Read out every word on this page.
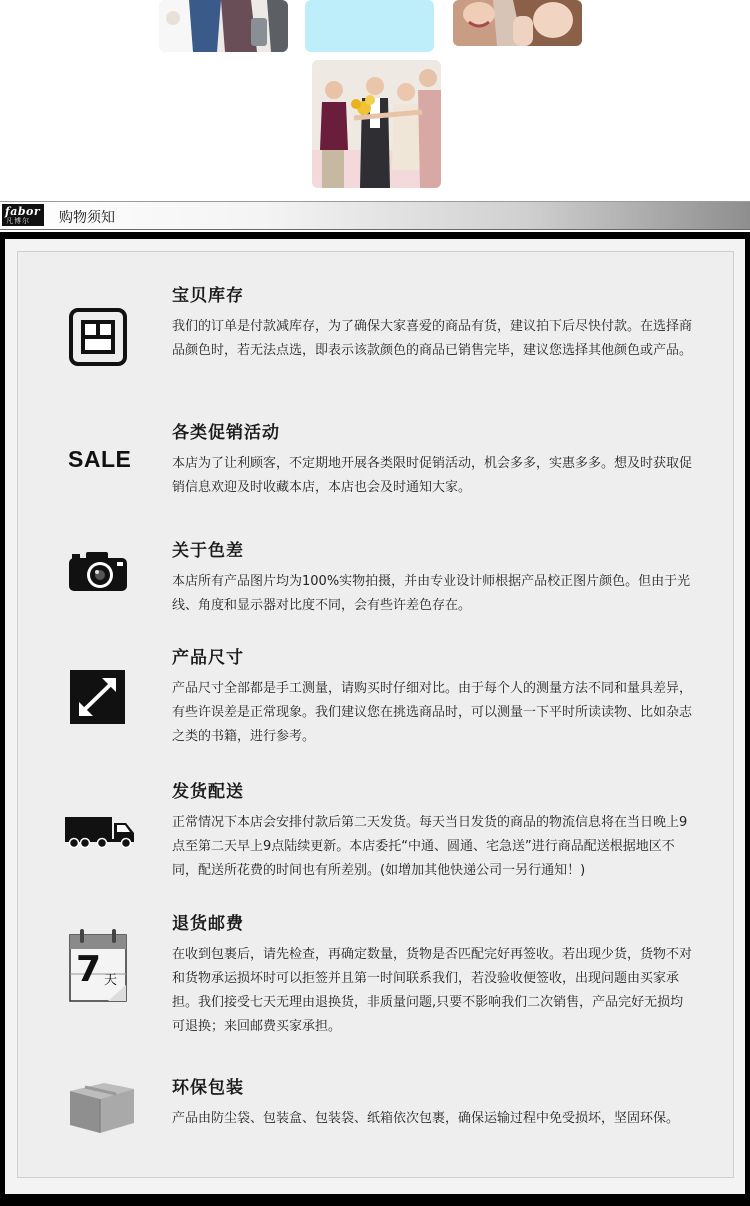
fabor
凡博尔 购物须知
宝贝库存
我们的订单是付款减库存，为了确保大家喜爱的商品有货，建议拍下后尽快付款。在选择商品颜色时，若无法点选，即表示该款颜色的商品已销售完毕，建议您选择其他颜色或产品。
SALE
各类促销活动
本店为了让利顾客，不定期地开展各类限时促销活动，机会多多，实惠多多。想及时获取促销信息欢迎及时收藏本店，本店也会及时通知大家。
关于色差
本店所有产品图片均为100%实物拍摄，并由专业设计师根据产品校正图片颜色。但由于光线、角度和显示器对比度不同，会有些许差色存在。
产品尺寸
产品尺寸全部都是手工测量，请购买时仔细对比。由于每个人的测量方法不同和量具差异，有些许误差是正常现象。我们建议您在挑选商品时，可以测量一下平时所读读物、比如杂志之类的书籍，进行参考。
发货配送
正常情况下本店会安排付款后第二天发货。每天当日发货的商品的物流信息将在当日晚上9点至第二天早上9点陆续更新。本店委托“中通、圆通、宅急送”进行商品配送根据地区不同，配送所花费的时间也有所差别。(如增加其他快递公司一另行通知！)
7 天
退货邮费
在收到包裹后，请先检查，再确定数量，货物是否匹配完好再签收。若出现少货，货物不对和货物承运损坏时可以拒签并且第一时间联系我们，若没验收便签收，出现问题由买家承担。我们接受七天无理由退换货，非质量问题,只要不影响我们二次销售，产品完好无损均可退换；来回邮费买家承担。
环保包装
产品由防尘袋、包装盒、包装袋、纸箱依次包裹，确保运输过程中免受损坏，坚固环保。
